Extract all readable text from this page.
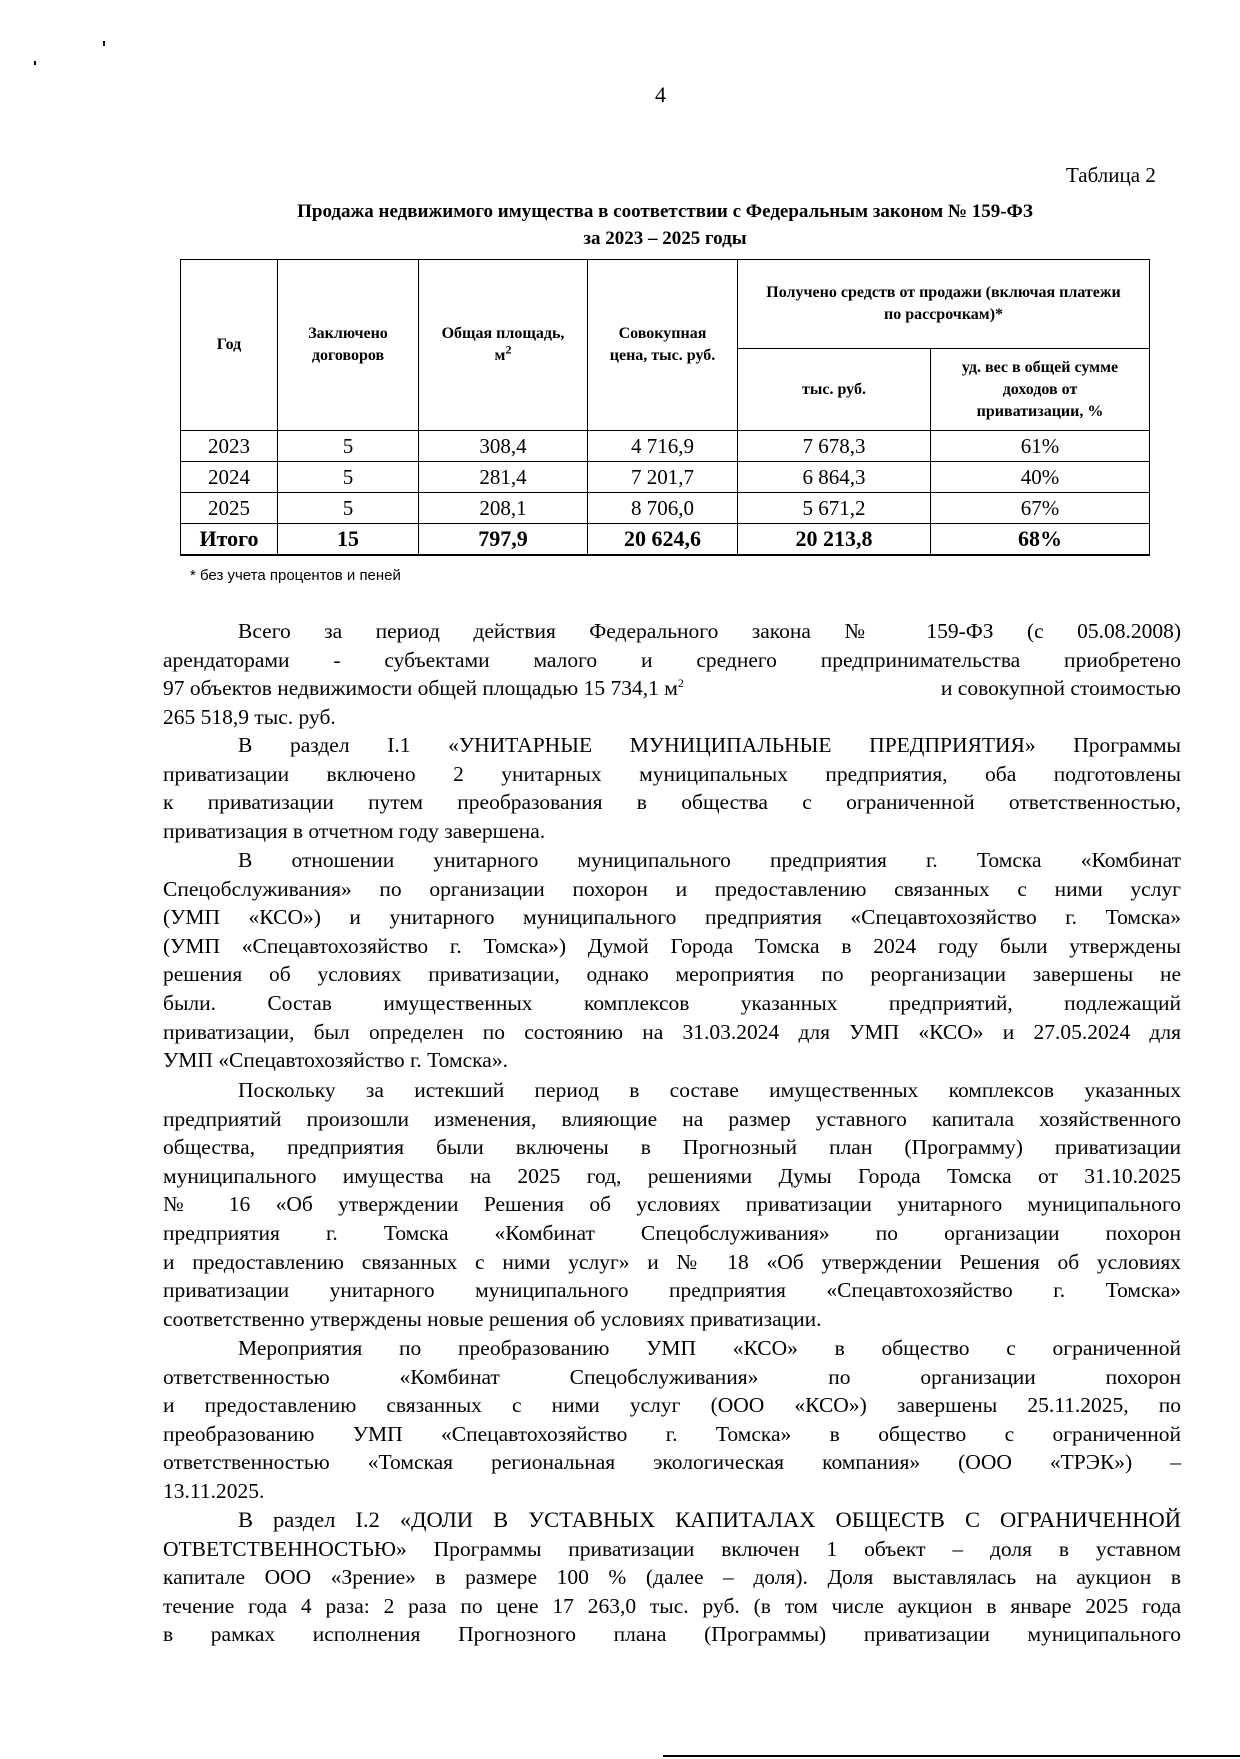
4
Таблица 2
Продажа недвижимого имущества в соответствии с Федеральным законом № 159-ФЗ
за 2023 – 2025 годы
Год	Заключено договоров	Общая площадь, $м^2$	Совокупная цена, тыс. руб.	Получено средств от продажи (включая платежи по рассрочкам)*	

				тыс. руб.	уд. вес в общей сумме доходов от приватизации, %

2023	5	308,4	4 716,9	7 678,3	61%
2024	5	281,4	7 201,7	6 864,3	40%
2025	5	208,1	8 706,0	5 671,2	67%
Итого	15	797,9	20 624,6	20 213,8	68%
* без учета процентов и пеней
Всего за период действия Федерального закона № 159-ФЗ (с 05.08.2008)
арендаторами - субъектами малого и среднего предпринимательства приобретено
97 объектов недвижимости общей площадью 15 734,1 $м^2$	и совокупной стоимостью
265 518,9 тыс. руб.
В раздел I.1 «УНИТАРНЫЕ МУНИЦИПАЛЬНЫЕ ПРЕДПРИЯТИЯ» Программы
приватизации включено 2 унитарных муниципальных предприятия, оба подготовлены
к приватизации путем преобразования в общества с ограниченной ответственностью,
приватизация в отчетном году завершена.
В отношении унитарного муниципального предприятия г. Томска «Комбинат
Спецобслуживания» по организации похорон и предоставлению связанных с ними услуг
(УМП «КСО») и унитарного муниципального предприятия «Спецавтохозяйство г. Томска»
(УМП «Спецавтохозяйство г. Томска») Думой Города Томска в 2024 году были утверждены
решения об условиях приватизации, однако мероприятия по реорганизации завершены не
были. Состав имущественных комплексов указанных предприятий, подлежащий
приватизации, был определен по состоянию на 31.03.2024 для УМП «КСО» и 27.05.2024 для
УМП «Спецавтохозяйство г. Томска».
Поскольку за истекший период в составе имущественных комплексов указанных
предприятий произошли изменения, влияющие на размер уставного капитала хозяйственного
общества, предприятия были включены в Прогнозный план (Программу) приватизации
муниципального имущества на 2025 год, решениями Думы Города Томска от 31.10.2025
№ 16 «Об утверждении Решения об условиях приватизации унитарного муниципального
предприятия г. Томска «Комбинат Спецобслуживания» по организации похорон
и предоставлению связанных с ними услуг» и № 18 «Об утверждении Решения об условиях
приватизации унитарного муниципального предприятия «Спецавтохозяйство г. Томска»
соответственно утверждены новые решения об условиях приватизации.
Мероприятия по преобразованию УМП «КСО» в общество с ограниченной
ответственностью «Комбинат Спецобслуживания» по организации похорон
и предоставлению связанных с ними услуг (ООО «КСО») завершены 25.11.2025, по
преобразованию УМП «Спецавтохозяйство г. Томска» в общество с ограниченной
ответственностью «Томская региональная экологическая компания» (ООО «ТРЭК») –
13.11.2025.
В раздел I.2 «ДОЛИ В УСТАВНЫХ КАПИТАЛАХ ОБЩЕСТВ С ОГРАНИЧЕННОЙ
ОТВЕТСТВЕННОСТЬЮ» Программы приватизации включен 1 объект – доля в уставном
капитале ООО «Зрение» в размере 100 % (далее – доля). Доля выставлялась на аукцион в
течение года 4 раза: 2 раза по цене 17 263,0 тыс. руб. (в том числе аукцион в январе 2025 года
в рамках исполнения Прогнозного плана (Программы) приватизации муниципального
